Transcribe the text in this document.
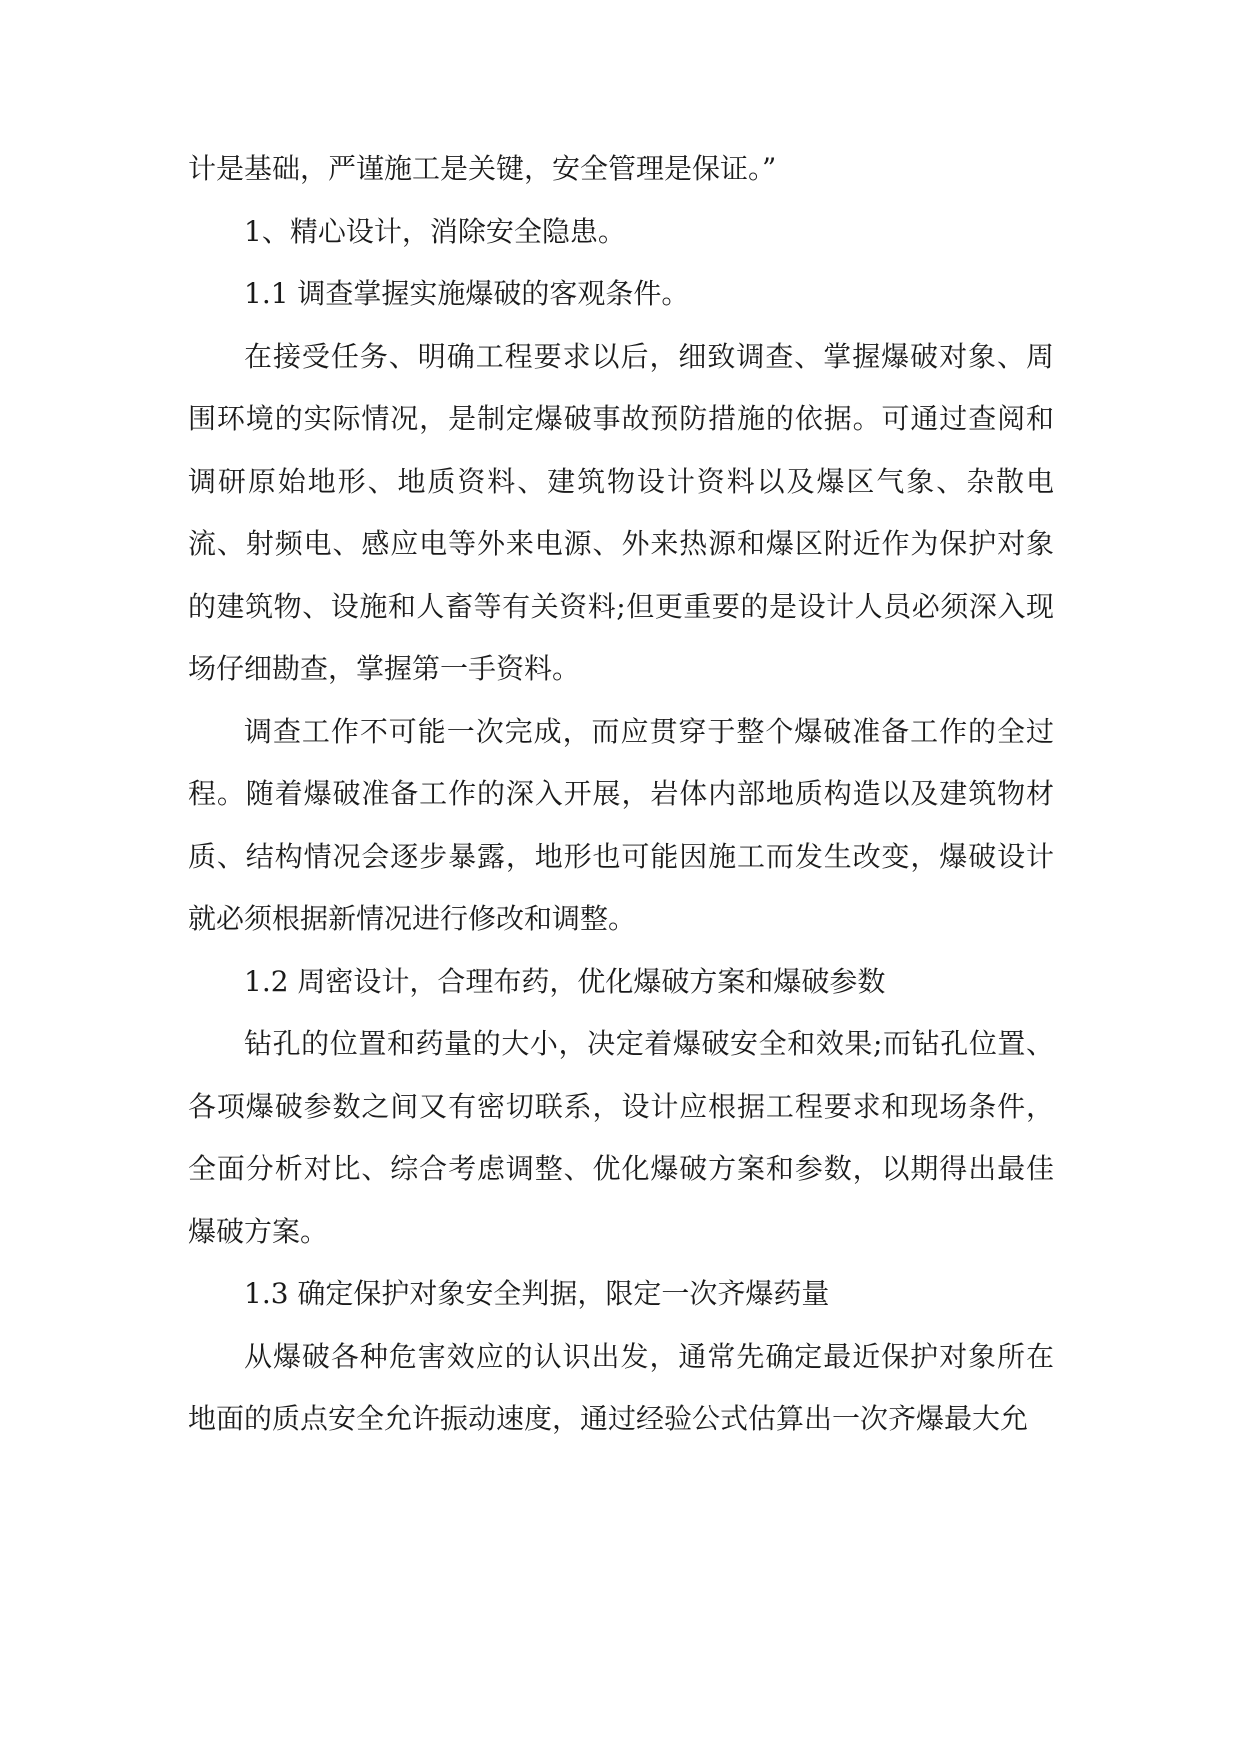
计是基础，严谨施工是关键，安全管理是保证。”

1、精心设计，消除安全隐患。

1.1 调查掌握实施爆破的客观条件。

在接受任务、明确工程要求以后，细致调查、掌握爆破对象、周围环境的实际情况，是制定爆破事故预防措施的依据。可通过查阅和调研原始地形、地质资料、建筑物设计资料以及爆区气象、杂散电流、射频电、感应电等外来电源、外来热源和爆区附近作为保护对象的建筑物、设施和人畜等有关资料;但更重要的是设计人员必须深入现场仔细勘查，掌握第一手资料。

调查工作不可能一次完成，而应贯穿于整个爆破准备工作的全过程。随着爆破准备工作的深入开展，岩体内部地质构造以及建筑物材质、结构情况会逐步暴露，地形也可能因施工而发生改变，爆破设计就必须根据新情况进行修改和调整。

1.2 周密设计，合理布药，优化爆破方案和爆破参数

钻孔的位置和药量的大小，决定着爆破安全和效果;而钻孔位置、各项爆破参数之间又有密切联系，设计应根据工程要求和现场条件，全面分析对比、综合考虑调整、优化爆破方案和参数，以期得出最佳爆破方案。

1.3 确定保护对象安全判据，限定一次齐爆药量

从爆破各种危害效应的认识出发，通常先确定最近保护对象所在地面的质点安全允许振动速度，通过经验公式估算出一次齐爆最大允
